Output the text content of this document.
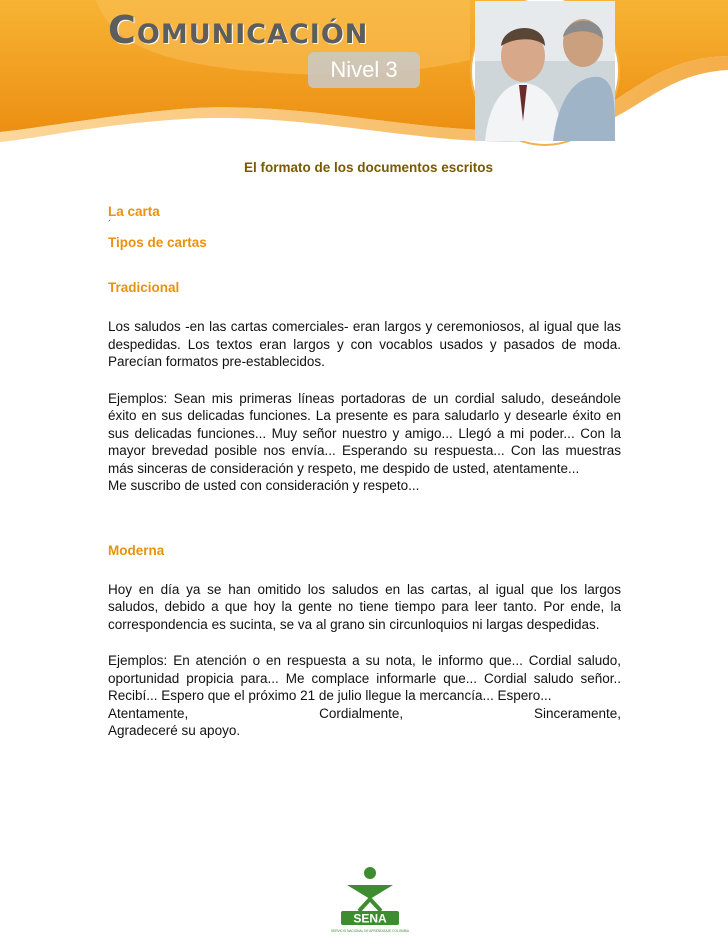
Comunicación
Nivel 3
El formato de los documentos escritos
La carta
´
Tipos de cartas
Tradicional

Los saludos -en las cartas comerciales- eran largos y ceremoniosos, al igual que las despedidas. Los textos eran largos y con vocablos usados y pasados de moda. Parecían formatos pre-establecidos.

Ejemplos: Sean mis primeras líneas portadoras de un cordial saludo, deseándole éxito en sus delicadas funciones. La presente es para saludarlo y desearle éxito en sus delicadas funciones... Muy señor nuestro y amigo... Llegó a mi poder... Con la mayor brevedad posible nos envía... Esperando su respuesta... Con las muestras más sinceras de consideración y respeto, me despido de usted, atentamente...

Me suscribo de usted con consideración y respeto...

Moderna

Hoy en día ya se han omitido los saludos en las cartas, al igual que los largos saludos, debido a que hoy la gente no tiene tiempo para leer tanto. Por ende, la correspondencia es sucinta, se va al grano sin circunloquios ni largas despedidas.

Ejemplos: En atención o en respuesta a su nota, le informo que... Cordial saludo, oportunidad propicia para... Me complace informarle que... Cordial saludo señor.. Recibí... Espero que el próximo 21 de julio llegue la mercancía... Espero...

Atentamente,	Cordialmente,	Sinceramente,

Agradeceré su apoyo.

SENA
SERVICIO NACIONAL DE APRENDIZAJE COLOMBIA
